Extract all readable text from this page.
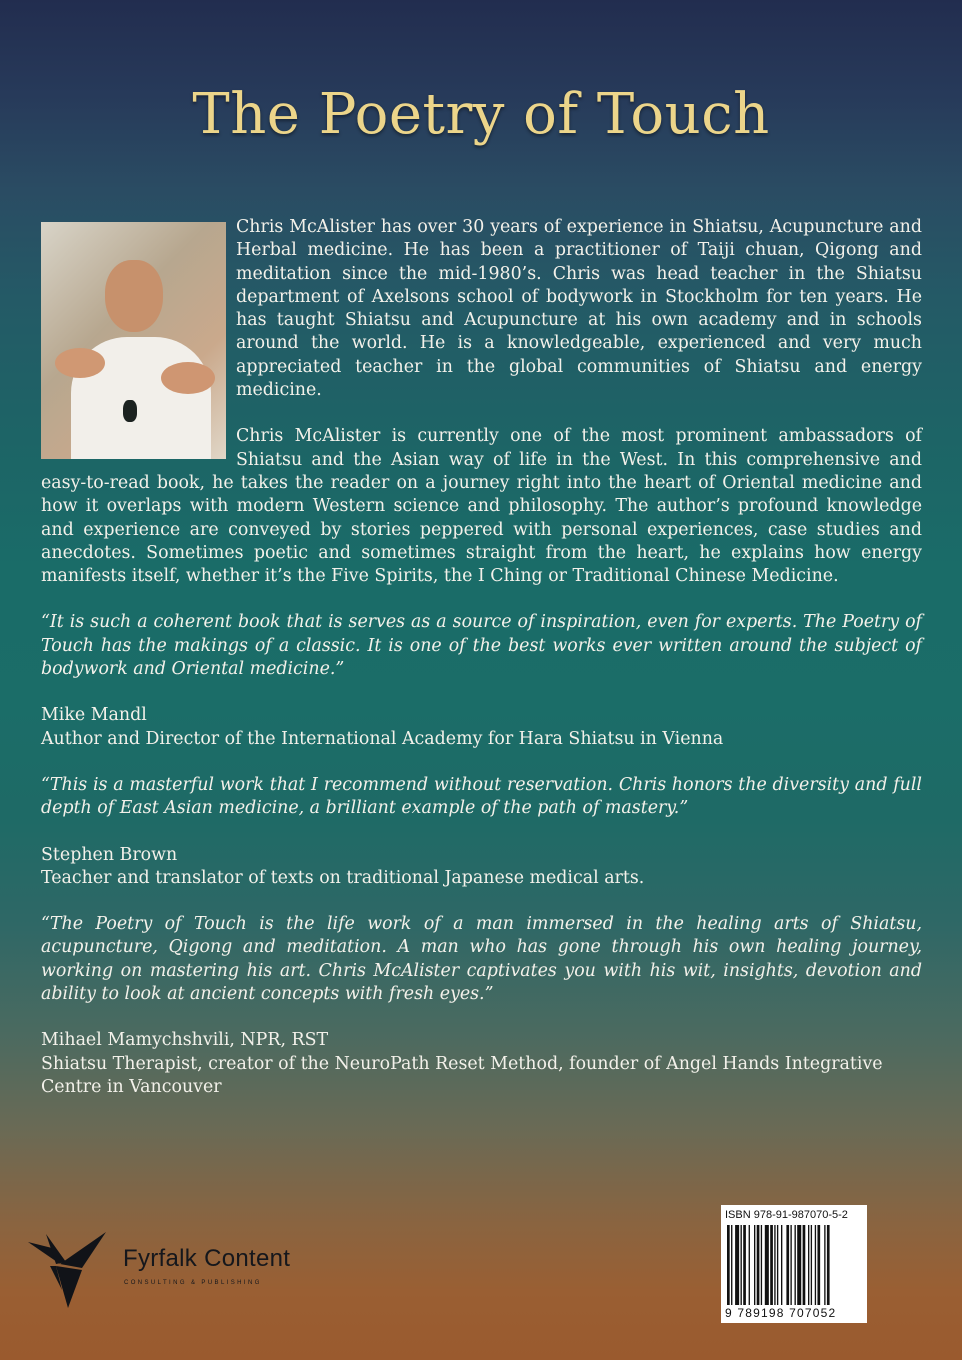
The Poetry of Touch

Chris McAlister has over 30 years of experience in Shiatsu, Acupuncture and Herbal medicine. He has been a practitioner of Taiji chuan, Qigong and meditation since the mid-1980’s. Chris was head teacher in the Shiatsu department of Axelsons school of bodywork in Stockholm for ten years. He has taught Shiatsu and Acupuncture at his own academy and in schools around the world. He is a knowledgeable, experienced and very much appreciated teacher in the global communities of Shiatsu and energy medicine.

Chris McAlister is currently one of the most prominent ambassadors of Shiatsu and the Asian way of life in the West. In this comprehensive and easy-to-read book, he takes the reader on a journey right into the heart of Oriental medicine and how it overlaps with modern Western science and philosophy. The author’s profound knowledge and experience are conveyed by stories peppered with personal experiences, case studies and anecdotes. Sometimes poetic and sometimes straight from the heart, he explains how energy manifests itself, whether it’s the Five Spirits, the I Ching or Traditional Chinese Medicine.

“It is such a coherent book that is serves as a source of inspiration, even for experts. The Poetry of Touch has the makings of a classic. It is one of the best works ever written around the subject of bodywork and Oriental medicine.”

Mike Mandl
Author and Director of the International Academy for Hara Shiatsu in Vienna

“This is a masterful work that I recommend without reservation. Chris honors the diversity and full depth of East Asian medicine, a brilliant example of the path of mastery.”

Stephen Brown
Teacher and translator of texts on traditional Japanese medical arts.

“The Poetry of Touch is the life work of a man immersed in the healing arts of Shiatsu, acupuncture, Qigong and meditation. A man who has gone through his own healing journey, working on mastering his art. Chris McAlister captivates you with his wit, insights, devotion and ability to look at ancient concepts with fresh eyes.”

Mihael Mamychshvili, NPR, RST
Shiatsu Therapist, creator of the NeuroPath Reset Method, founder of Angel Hands Integrative Centre in Vancouver
Fyrfalk Content
CONSULTING & PUBLISHING
ISBN 978-91-987070-5-2
9 789198 707052
